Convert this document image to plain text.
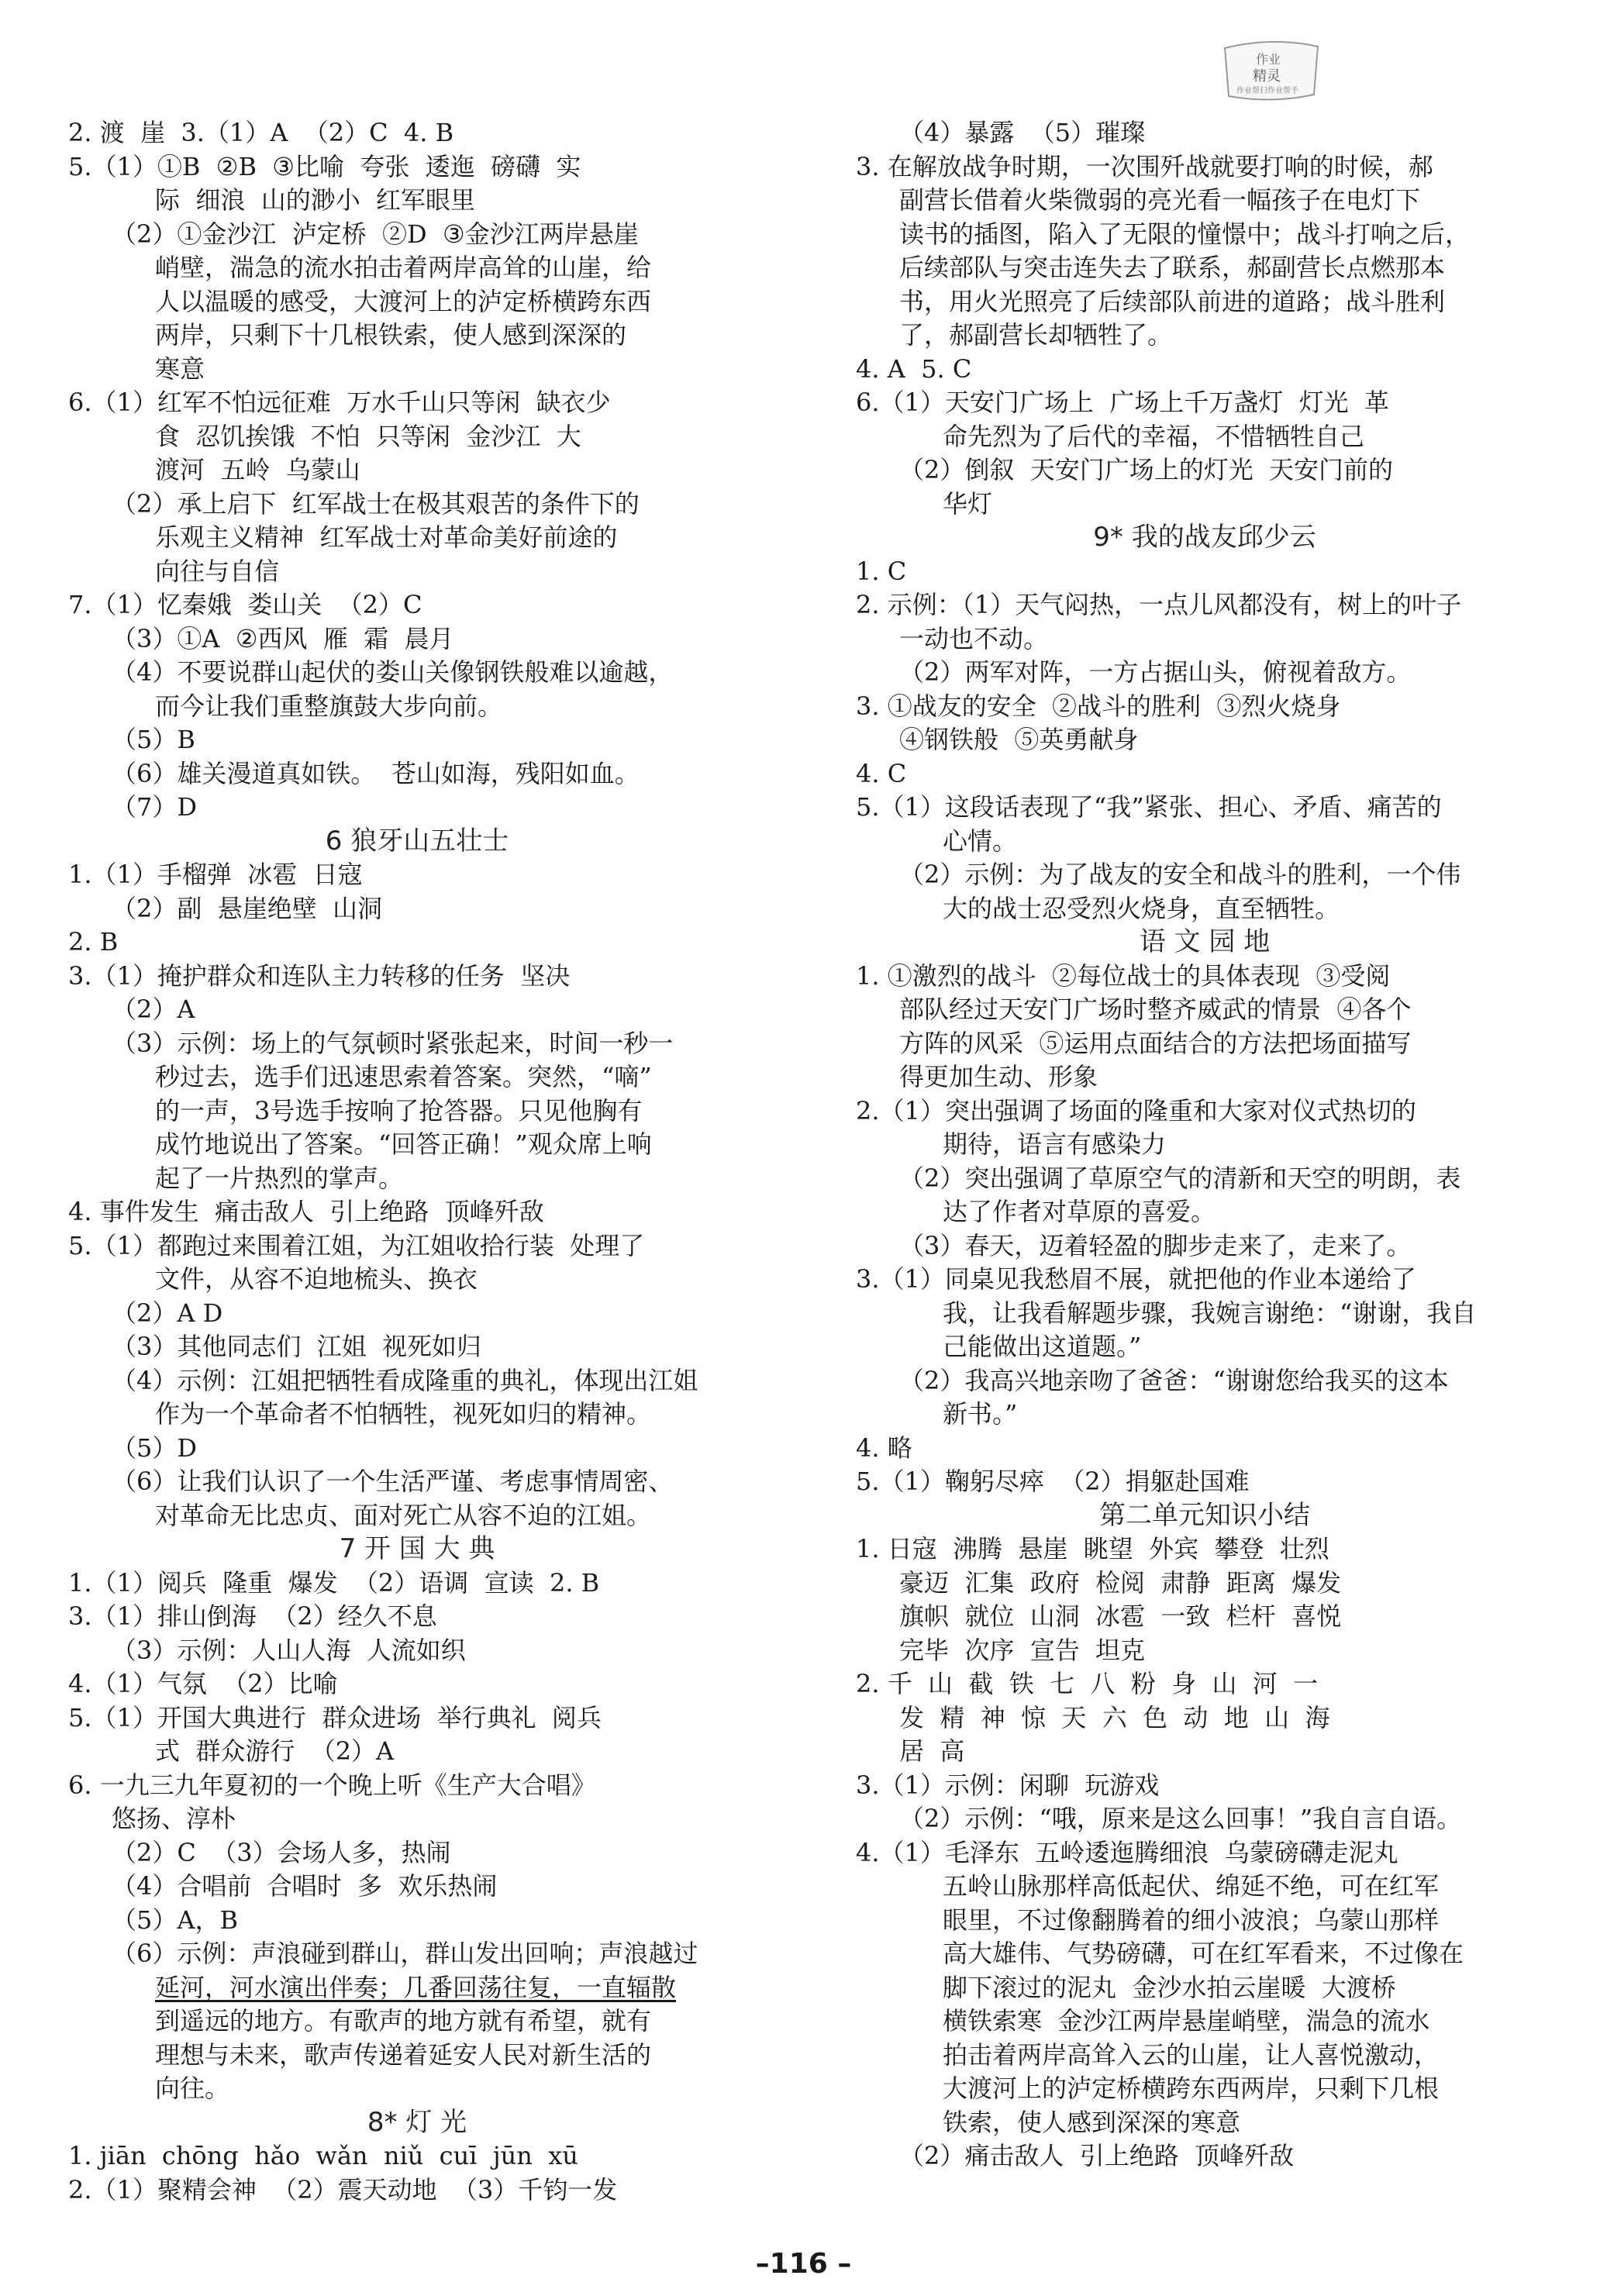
作业
精灵
作业帮扫作业帮手
2. 渡  崖  3.（1）A  （2）C  4. B
5.（1）①B  ②B  ③比喻  夸张  逶迤  磅礴  实
际  细浪  山的渺小  红军眼里
（2）①金沙江  泸定桥  ②D  ③金沙江两岸悬崖
峭壁，湍急的流水拍击着两岸高耸的山崖，给
人以温暖的感受，大渡河上的泸定桥横跨东西
两岸，只剩下十几根铁索，使人感到深深的
寒意
6.（1）红军不怕远征难  万水千山只等闲  缺衣少
食  忍饥挨饿  不怕  只等闲  金沙江  大
渡河  五岭  乌蒙山
（2）承上启下  红军战士在极其艰苦的条件下的
乐观主义精神  红军战士对革命美好前途的
向往与自信
7.（1）忆秦娥  娄山关  （2）C
（3）①A  ②西风  雁  霜  晨月
（4）不要说群山起伏的娄山关像钢铁般难以逾越，
而今让我们重整旗鼓大步向前。
（5）B
（6）雄关漫道真如铁。  苍山如海，残阳如血。
（7）D
6 狼牙山五壮士
1.（1）手榴弹  冰雹  日寇
（2）副  悬崖绝壁  山洞
2. B
3.（1）掩护群众和连队主力转移的任务  坚决
（2）A
（3）示例：场上的气氛顿时紧张起来，时间一秒一
秒过去，选手们迅速思索着答案。突然，“嘀”
的一声，3号选手按响了抢答器。只见他胸有
成竹地说出了答案。“回答正确！”观众席上响
起了一片热烈的掌声。
4. 事件发生  痛击敌人  引上绝路  顶峰歼敌
5.（1）都跑过来围着江姐，为江姐收拾行装  处理了
文件，从容不迫地梳头、换衣
（2）A D
（3）其他同志们  江姐  视死如归
（4）示例：江姐把牺牲看成隆重的典礼，体现出江姐
作为一个革命者不怕牺牲，视死如归的精神。
（5）D
（6）让我们认识了一个生活严谨、考虑事情周密、
对革命无比忠贞、面对死亡从容不迫的江姐。
7 开 国 大 典
1.（1）阅兵  隆重  爆发  （2）语调  宣读  2. B
3.（1）排山倒海  （2）经久不息
（3）示例：人山人海  人流如织
4.（1）气氛  （2）比喻
5.（1）开国大典进行  群众进场  举行典礼  阅兵
式  群众游行  （2）A
6. 一九三九年夏初的一个晚上听《生产大合唱》
悠扬、淳朴
（2）C  （3）会场人多，热闹
（4）合唱前  合唱时  多  欢乐热闹
（5）A，B
（6）示例：声浪碰到群山，群山发出回响；声浪越过
延河，河水演出伴奏；几番回荡往复，一直辐散
到遥远的地方。有歌声的地方就有希望，就有
理想与未来，歌声传递着延安人民对新生活的
向往。
8* 灯 光
1. jiān  chōng  hǎo  wǎn  niǔ  cuī  jūn  xū
2.（1）聚精会神  （2）震天动地  （3）千钧一发
（4）暴露  （5）璀璨
3. 在解放战争时期，一次围歼战就要打响的时候，郝
副营长借着火柴微弱的亮光看一幅孩子在电灯下
读书的插图，陷入了无限的憧憬中；战斗打响之后，
后续部队与突击连失去了联系，郝副营长点燃那本
书，用火光照亮了后续部队前进的道路；战斗胜利
了，郝副营长却牺牲了。
4. A  5. C
6.（1）天安门广场上  广场上千万盏灯  灯光  革
命先烈为了后代的幸福，不惜牺牲自己
（2）倒叙  天安门广场上的灯光  天安门前的
华灯
9* 我的战友邱少云
1. C
2. 示例：（1）天气闷热，一点儿风都没有，树上的叶子
一动也不动。
（2）两军对阵，一方占据山头，俯视着敌方。
3. ①战友的安全  ②战斗的胜利  ③烈火烧身
④钢铁般  ⑤英勇献身
4. C
5.（1）这段话表现了“我”紧张、担心、矛盾、痛苦的
心情。
（2）示例：为了战友的安全和战斗的胜利，一个伟
大的战士忍受烈火烧身，直至牺牲。
语 文 园 地
1. ①激烈的战斗  ②每位战士的具体表现  ③受阅
部队经过天安门广场时整齐威武的情景  ④各个
方阵的风采  ⑤运用点面结合的方法把场面描写
得更加生动、形象
2.（1）突出强调了场面的隆重和大家对仪式热切的
期待，语言有感染力
（2）突出强调了草原空气的清新和天空的明朗，表
达了作者对草原的喜爱。
（3）春天，迈着轻盈的脚步走来了，走来了。
3.（1）同桌见我愁眉不展，就把他的作业本递给了
我，让我看解题步骤，我婉言谢绝：“谢谢，我自
己能做出这道题。”
（2）我高兴地亲吻了爸爸：“谢谢您给我买的这本
新书。”
4. 略
5.（1）鞠躬尽瘁  （2）捐躯赴国难
第二单元知识小结
1. 日寇  沸腾  悬崖  眺望  外宾  攀登  壮烈
豪迈  汇集  政府  检阅  肃静  距离  爆发
旗帜  就位  山洞  冰雹  一致  栏杆  喜悦
完毕  次序  宣告  坦克
2. 千  山  截  铁  七  八  粉  身  山  河  一
发  精  神  惊  天  六  色  动  地  山  海
居  高
3.（1）示例：闲聊  玩游戏
（2）示例：“哦，原来是这么回事！”我自言自语。
4.（1）毛泽东  五岭逶迤腾细浪  乌蒙磅礴走泥丸
五岭山脉那样高低起伏、绵延不绝，可在红军
眼里，不过像翻腾着的细小波浪；乌蒙山那样
高大雄伟、气势磅礴，可在红军看来，不过像在
脚下滚过的泥丸  金沙水拍云崖暖  大渡桥
横铁索寒  金沙江两岸悬崖峭壁，湍急的流水
拍击着两岸高耸入云的山崖，让人喜悦激动，
大渡河上的泸定桥横跨东西两岸，只剩下几根
铁索，使人感到深深的寒意
（2）痛击敌人  引上绝路  顶峰歼敌
–116 –
